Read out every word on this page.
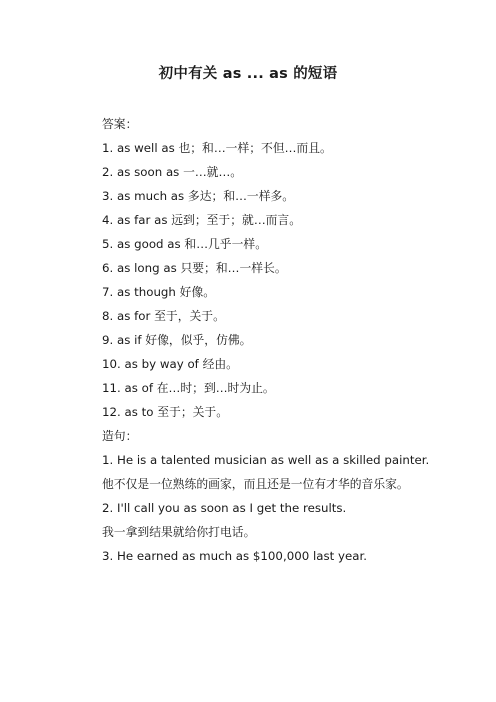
初中有关 as ... as 的短语
答案：
1. as well as 也；和…一样；不但…而且。
2. as soon as 一…就…。
3. as much as 多达；和…一样多。
4. as far as 远到；至于；就…而言。
5. as good as 和…几乎一样。
6. as long as 只要；和…一样长。
7. as though 好像。
8. as for 至于，关于。
9. as if 好像，似乎，仿佛。
10. as by way of 经由。
11. as of 在…时；到…时为止。
12. as to 至于；关于。
造句：
1. He is a talented musician as well as a skilled painter.

他不仅是一位熟练的画家，而且还是一位有才华的音乐家。

2. I'll call you as soon as I get the results.
我一拿到结果就给你打电话。
3. He earned as much as $100,000 last year.
